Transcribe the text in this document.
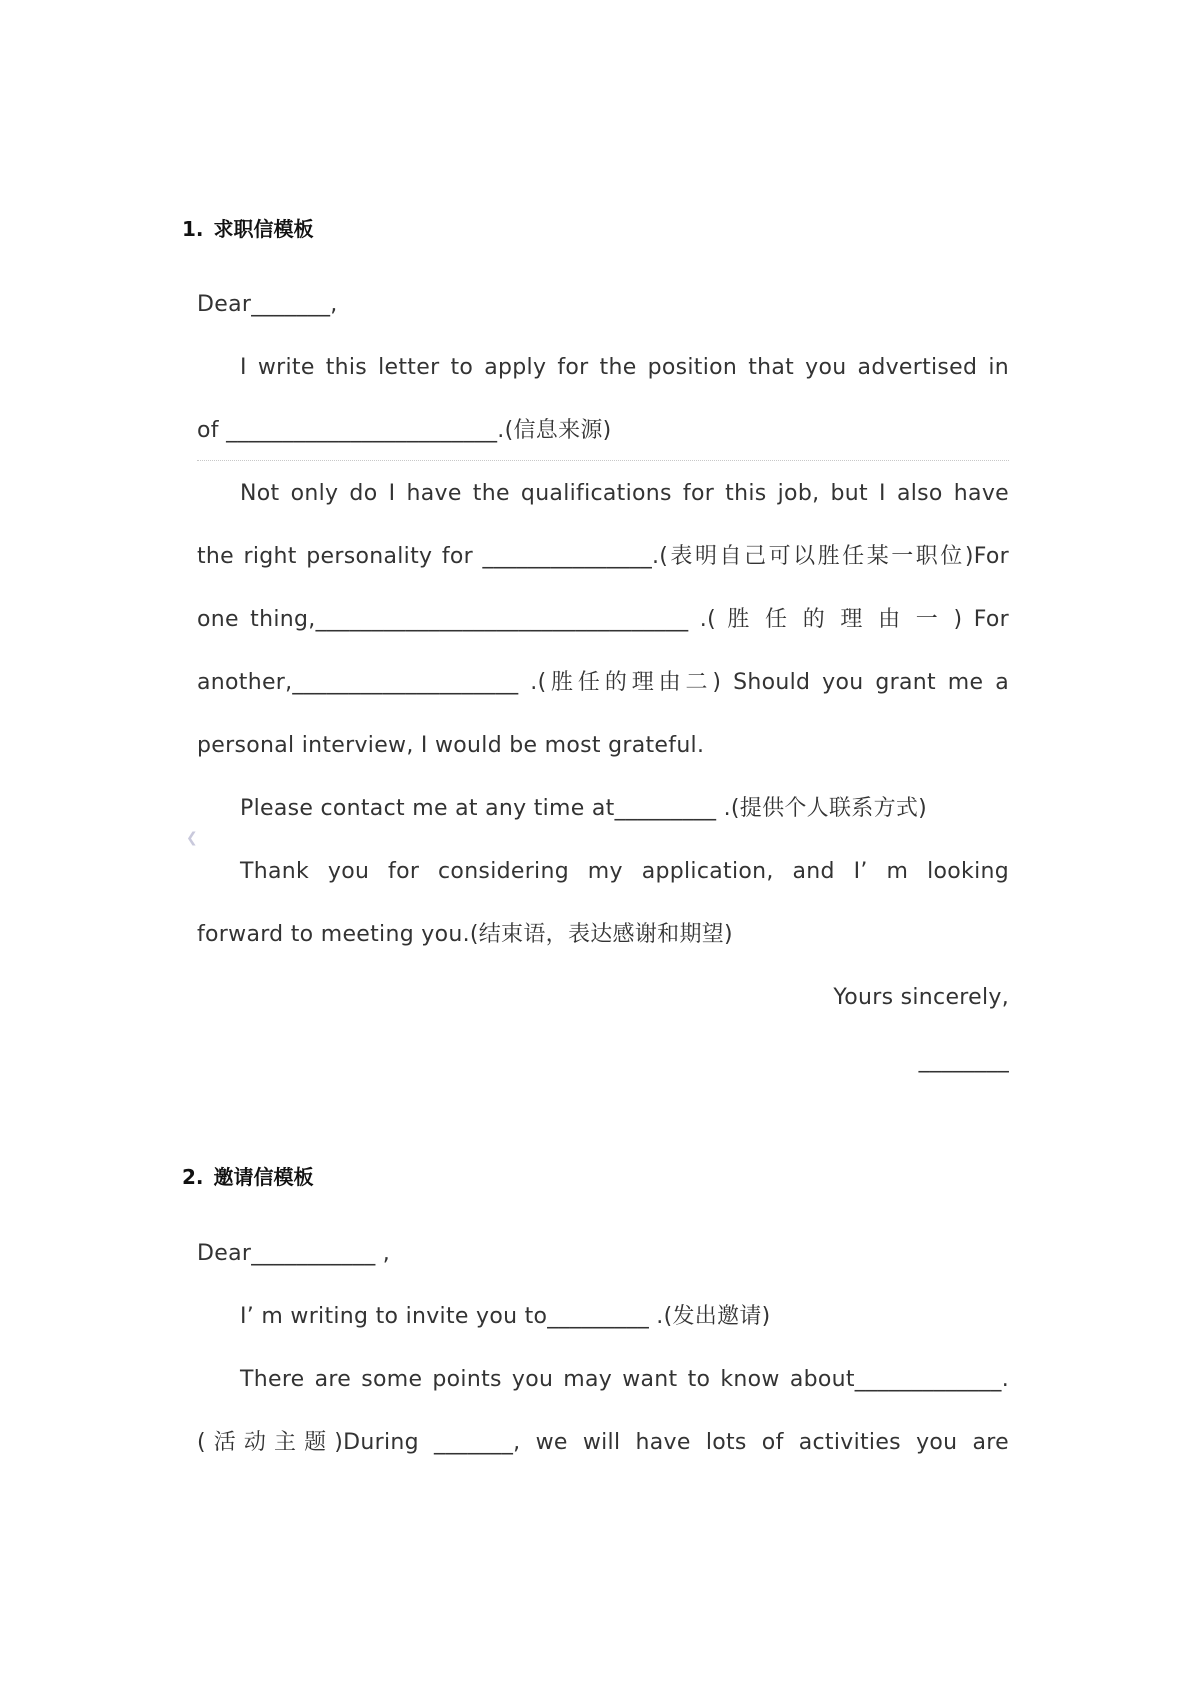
1. 求职信模板
Dear_______,
I write this letter to apply for the position that you advertised in
of ________________________.(信息来源)
Not only do I have the qualifications for this job, but I also have
the right personality for _______________.(表明自己可以胜任某一职位)For
one thing,_________________________________ .( 胜 任 的 理 由 一 ) For
another,____________________ .(胜任的理由二) Should you grant me a
personal interview, I would be most grateful.
Please contact me at any time at_________ .(提供个人联系方式)
❮
Thank you for considering my application, and I’ m looking
forward to meeting you.(结束语，表达感谢和期望)
Yours sincerely,
________
2. 邀请信模板
Dear___________ ,
I’ m writing to invite you to_________ .(发出邀请)
There are some points you may want to know about_____________.
(活动主题)During _______, we will have lots of activities you are
